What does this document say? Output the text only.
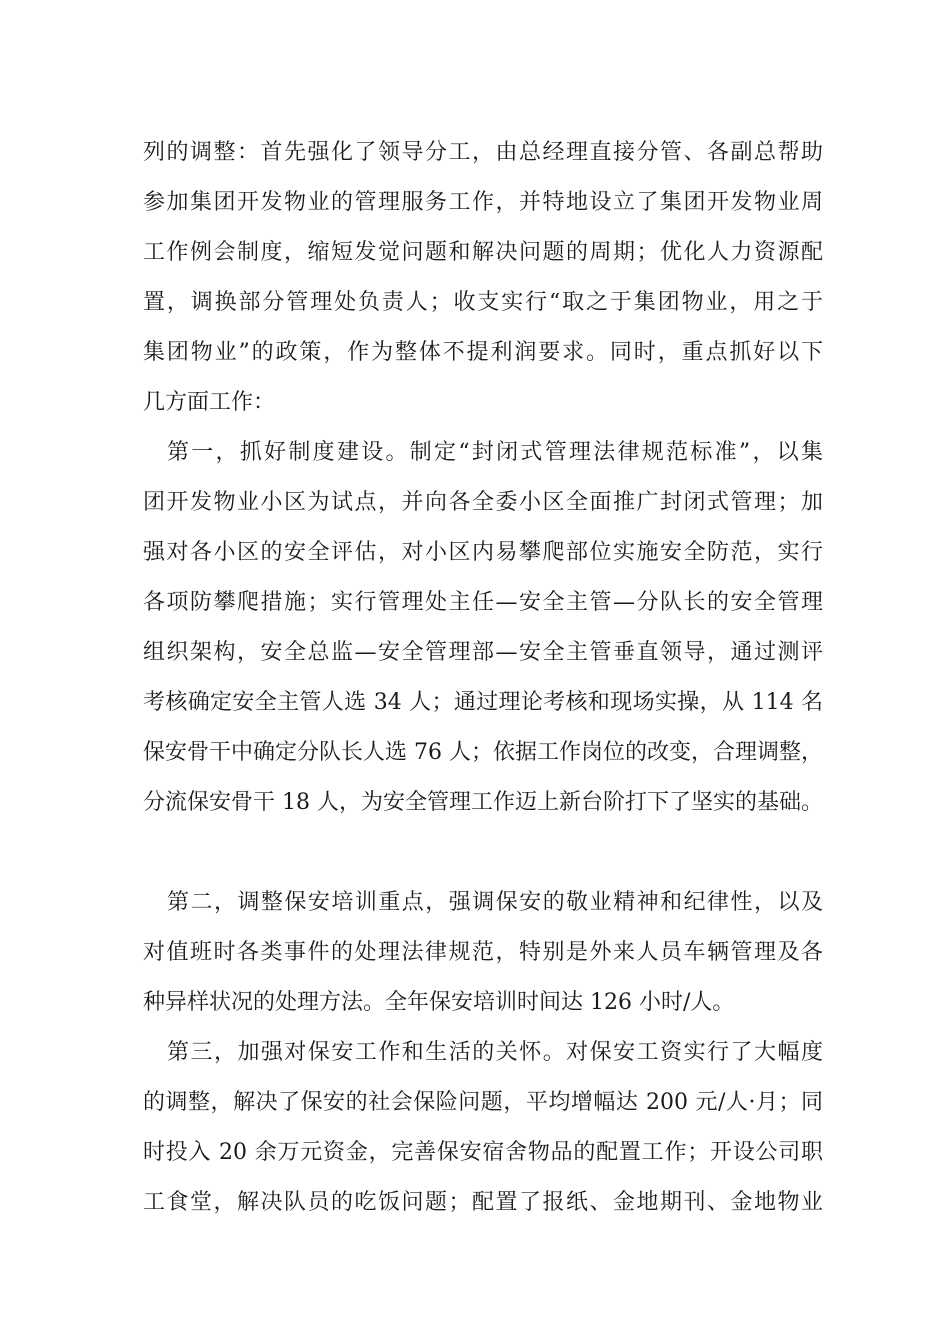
列的调整：首先强化了领导分工，由总经理直接分管、各副总帮助
参加集团开发物业的管理服务工作，并特地设立了集团开发物业周
工作例会制度，缩短发觉问题和解决问题的周期；优化人力资源配
置，调换部分管理处负责人；收支实行“取之于集团物业，用之于
集团物业”的政策，作为整体不提利润要求。同时，重点抓好以下
几方面工作：
第一，抓好制度建设。制定“封闭式管理法律规范标准”，以集
团开发物业小区为试点，并向各全委小区全面推广封闭式管理；加
强对各小区的安全评估，对小区内易攀爬部位实施安全防范，实行
各项防攀爬措施；实行管理处主任—安全主管—分队长的安全管理
组织架构，安全总监—安全管理部—安全主管垂直领导，通过测评
考核确定安全主管人选 34 人；通过理论考核和现场实操，从 114 名
保安骨干中确定分队长人选 76 人；依据工作岗位的改变，合理调整，
分流保安骨干 18 人，为安全管理工作迈上新台阶打下了坚实的基础。
第二，调整保安培训重点，强调保安的敬业精神和纪律性，以及
对值班时各类事件的处理法律规范，特别是外来人员车辆管理及各
种异样状况的处理方法。全年保安培训时间达 126 小时/人。
第三，加强对保安工作和生活的关怀。对保安工资实行了大幅度
的调整，解决了保安的社会保险问题，平均增幅达 200 元/人·月；同
时投入 20 余万元资金，完善保安宿舍物品的配置工作；开设公司职
工食堂，解决队员的吃饭问题；配置了报纸、金地期刊、金地物业
